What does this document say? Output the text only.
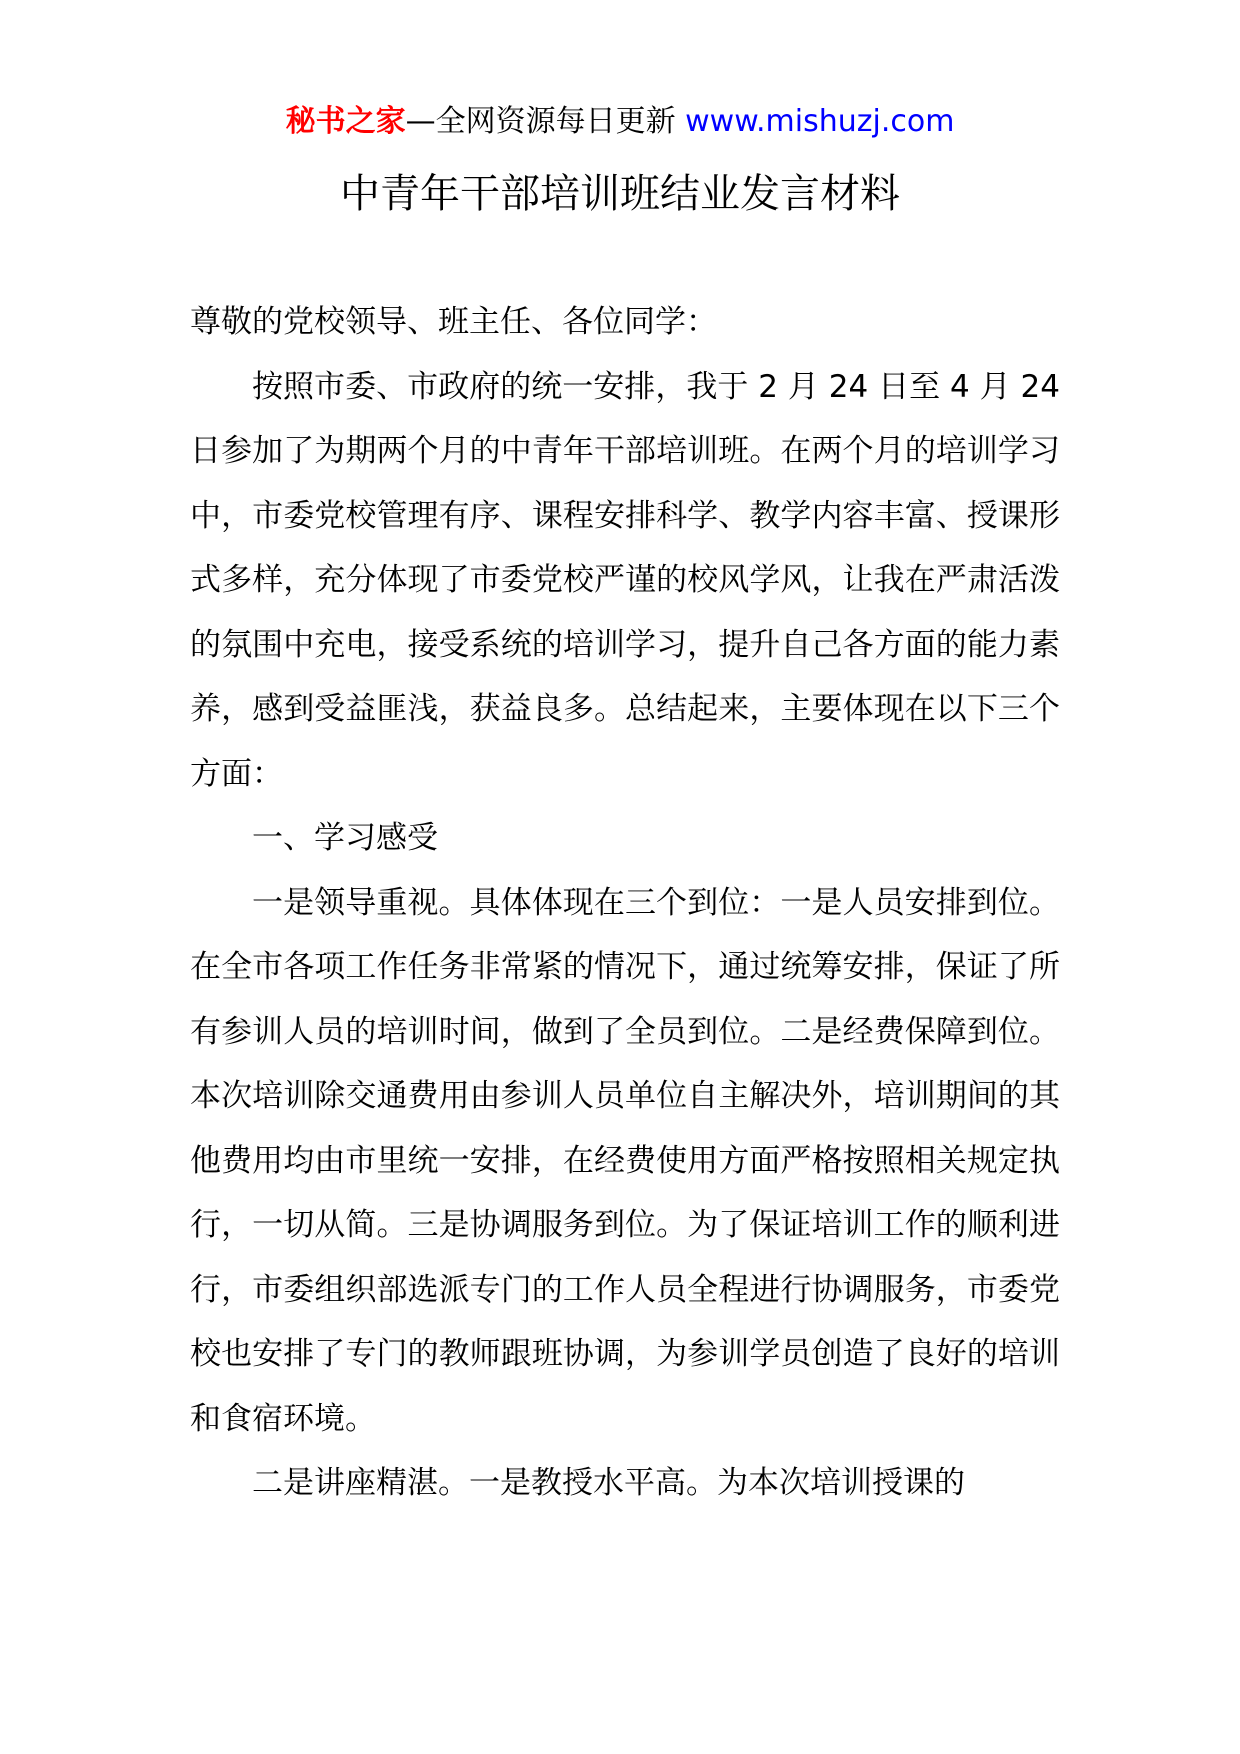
秘书之家—全网资源每日更新 www.mishuzj.com
中青年干部培训班结业发言材料

尊敬的党校领导、班主任、各位同学：

按照市委、市政府的统一安排，我于 2 月 24 日至 4 月 24 日参加了为期两个月的中青年干部培训班。在两个月的培训学习中，市委党校管理有序、课程安排科学、教学内容丰富、授课形式多样，充分体现了市委党校严谨的校风学风，让我在严肃活泼的氛围中充电，接受系统的培训学习，提升自己各方面的能力素养，感到受益匪浅，获益良多。总结起来，主要体现在以下三个方面：

一、学习感受

一是领导重视。具体体现在三个到位：一是人员安排到位。在全市各项工作任务非常紧的情况下，通过统筹安排，保证了所有参训人员的培训时间，做到了全员到位。二是经费保障到位。本次培训除交通费用由参训人员单位自主解决外，培训期间的其他费用均由市里统一安排，在经费使用方面严格按照相关规定执行，一切从简。三是协调服务到位。为了保证培训工作的顺利进行，市委组织部选派专门的工作人员全程进行协调服务，市委党校也安排了专门的教师跟班协调，为参训学员创造了良好的培训和食宿环境。

二是讲座精湛。一是教授水平高。为本次培训授课的
